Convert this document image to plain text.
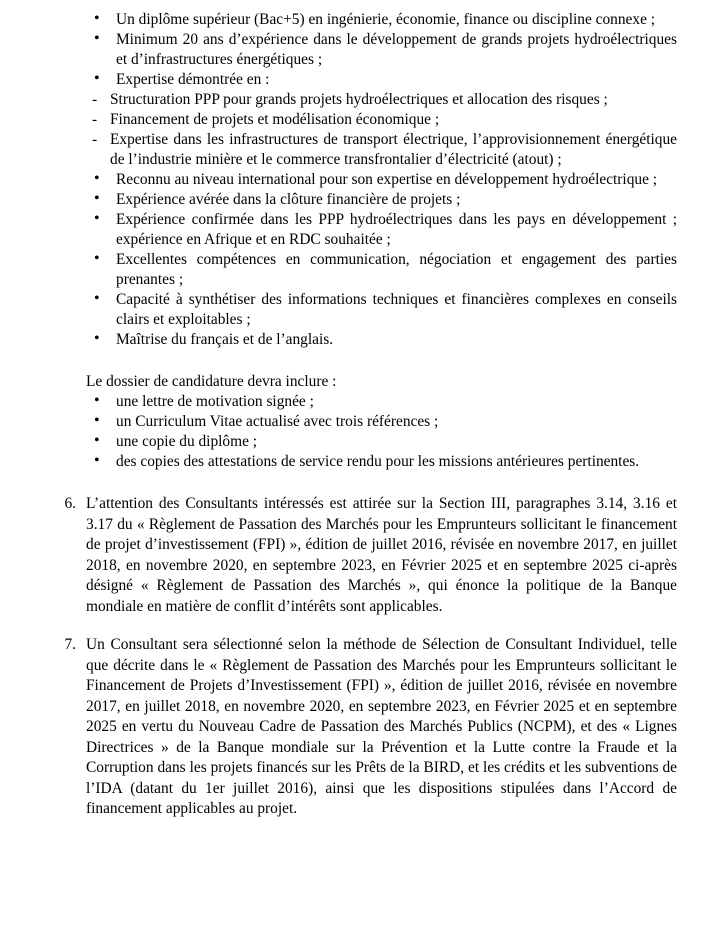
• Un diplôme supérieur (Bac+5) en ingénierie, économie, finance ou discipline connexe ;
• Minimum 20 ans d’expérience dans le développement de grands projets hydroélectriques et d’infrastructures énergétiques ;
• Expertise démontrée en :
- Structuration PPP pour grands projets hydroélectriques et allocation des risques ;
- Financement de projets et modélisation économique ;
- Expertise dans les infrastructures de transport électrique, l’approvisionnement énergétique de l’industrie minière et le commerce transfrontalier d’électricité (atout) ;
• Reconnu au niveau international pour son expertise en développement hydroélectrique ;
• Expérience avérée dans la clôture financière de projets ;
• Expérience confirmée dans les PPP hydroélectriques dans les pays en développement ; expérience en Afrique et en RDC souhaitée ;
• Excellentes compétences en communication, négociation et engagement des parties prenantes ;
• Capacité à synthétiser des informations techniques et financières complexes en conseils clairs et exploitables ;
• Maîtrise du français et de l’anglais.

Le dossier de candidature devra inclure :

• une lettre de motivation signée ;
• un Curriculum Vitae actualisé avec trois références ;
• une copie du diplôme ;
• des copies des attestations de service rendu pour les missions antérieures pertinentes.
6. L’attention des Consultants intéressés est attirée sur la Section III, paragraphes 3.14, 3.16 et 3.17 du « Règlement de Passation des Marchés pour les Emprunteurs sollicitant le financement de projet d’investissement (FPI) », édition de juillet 2016, révisée en novembre 2017, en juillet 2018, en novembre 2020, en septembre 2023, en Février 2025 et en septembre 2025 ci-après désigné « Règlement de Passation des Marchés », qui énonce la politique de la Banque mondiale en matière de conflit d’intérêts sont applicables.
7. Un Consultant sera sélectionné selon la méthode de Sélection de Consultant Individuel, telle que décrite dans le « Règlement de Passation des Marchés pour les Emprunteurs sollicitant le Financement de Projets d’Investissement (FPI) », édition de juillet 2016, révisée en novembre 2017, en juillet 2018, en novembre 2020, en septembre 2023, en Février 2025 et en septembre 2025 en vertu du Nouveau Cadre de Passation des Marchés Publics (NCPM), et des « Lignes Directrices » de la Banque mondiale sur la Prévention et la Lutte contre la Fraude et la Corruption dans les projets financés sur les Prêts de la BIRD, et les crédits et les subventions de l’IDA (datant du 1er juillet 2016), ainsi que les dispositions stipulées dans l’Accord de financement applicables au projet.
